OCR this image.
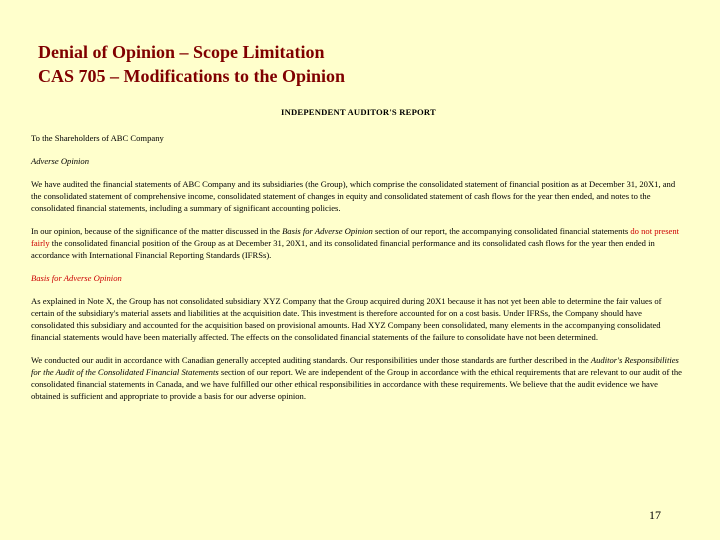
Denial of Opinion – Scope Limitation
CAS 705 – Modifications to the Opinion

INDEPENDENT AUDITOR'S REPORT

To the Shareholders of ABC Company

Adverse Opinion

We have audited the financial statements of ABC Company and its subsidiaries (the Group), which comprise the consolidated statement of financial position as at December 31, 20X1, and the consolidated statement of comprehensive income, consolidated statement of changes in equity and consolidated statement of cash flows for the year then ended, and notes to the consolidated financial statements, including a summary of significant accounting policies.

In our opinion, because of the significance of the matter discussed in the Basis for Adverse Opinion section of our report, the accompanying consolidated financial statements do not present fairly the consolidated financial position of the Group as at December 31, 20X1, and its consolidated financial performance and its consolidated cash flows for the year then ended in accordance with International Financial Reporting Standards (IFRSs).

Basis for Adverse Opinion

As explained in Note X, the Group has not consolidated subsidiary XYZ Company that the Group acquired during 20X1 because it has not yet been able to determine the fair values of certain of the subsidiary's material assets and liabilities at the acquisition date. This investment is therefore accounted for on a cost basis. Under IFRSs, the Company should have consolidated this subsidiary and accounted for the acquisition based on provisional amounts. Had XYZ Company been consolidated, many elements in the accompanying consolidated financial statements would have been materially affected. The effects on the consolidated financial statements of the failure to consolidate have not been determined.

We conducted our audit in accordance with Canadian generally accepted auditing standards. Our responsibilities under those standards are further described in the Auditor's Responsibilities for the Audit of the Consolidated Financial Statements section of our report. We are independent of the Group in accordance with the ethical requirements that are relevant to our audit of the consolidated financial statements in Canada, and we have fulfilled our other ethical responsibilities in accordance with these requirements. We believe that the audit evidence we have obtained is sufficient and appropriate to provide a basis for our adverse opinion.

17
